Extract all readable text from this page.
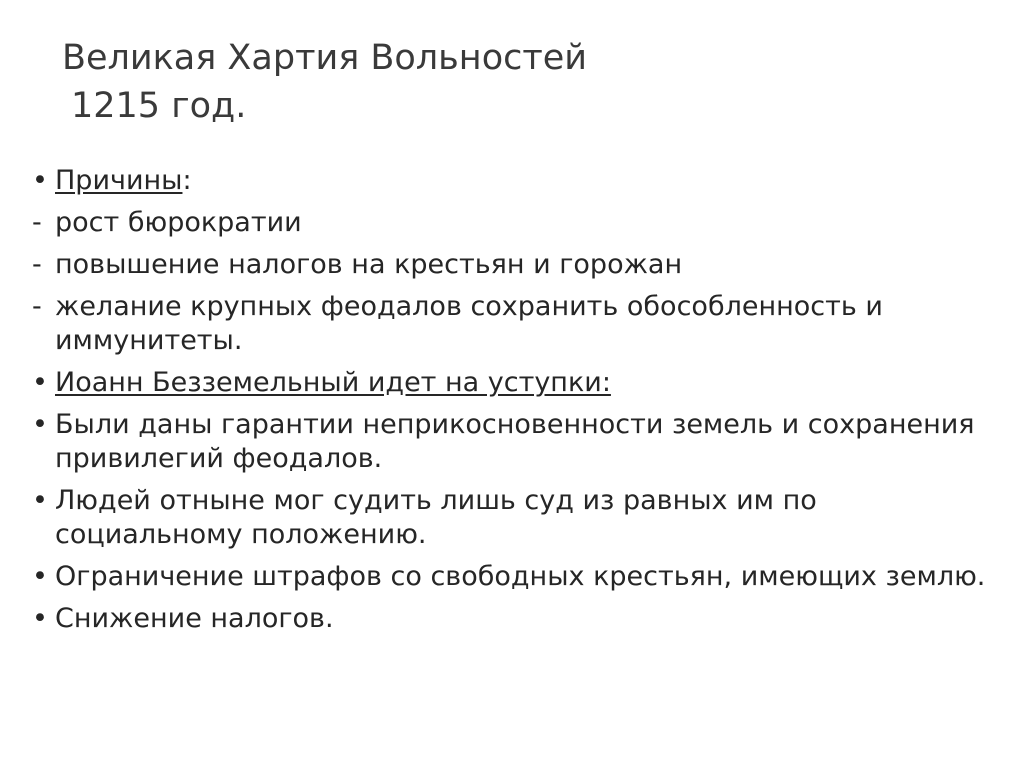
Великая Хартия Вольностей
1215 год.
• Причины:
- рост бюрократии
- повышение налогов на крестьян и горожан
- желание крупных феодалов сохранить обособленность и иммунитеты.
• Иоанн Безземельный идет на уступки:
• Были даны гарантии неприкосновенности земель и сохранения привилегий феодалов.
• Людей отныне мог судить лишь суд из равных им по социальному положению.
• Ограничение штрафов со свободных крестьян, имеющих землю.
• Снижение налогов.
